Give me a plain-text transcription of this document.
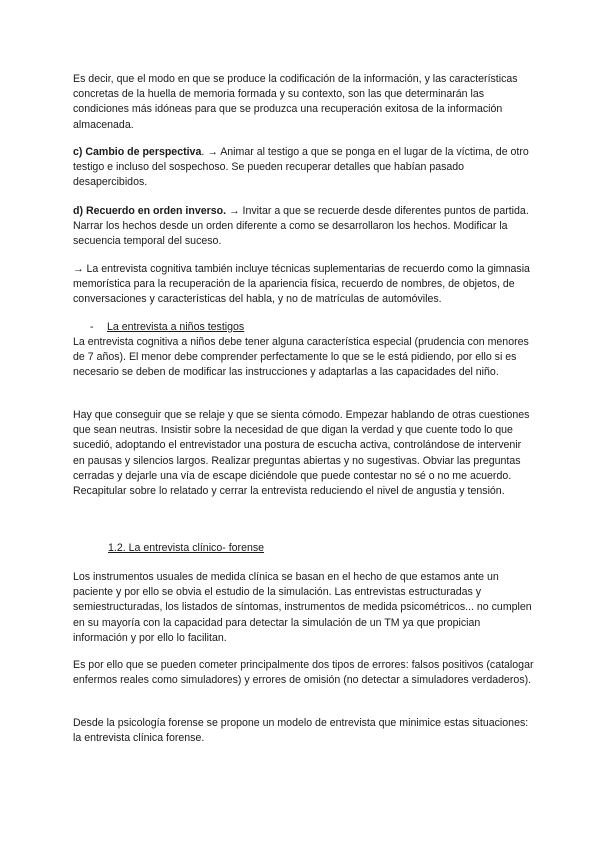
Es decir, que el modo en que se produce la codificación de la información, y las características concretas de la huella de memoria formada y su contexto, son las que determinarán las condiciones más idóneas para que se produzca una recuperación exitosa de la información almacenada.

c) Cambio de perspectiva. → Animar al testigo a que se ponga en el lugar de la víctima, de otro testigo e incluso del sospechoso. Se pueden recuperar detalles que habían pasado desapercibidos.

d) Recuerdo en orden inverso. → Invitar a que se recuerde desde diferentes puntos de partida. Narrar los hechos desde un orden diferente a como se desarrollaron los hechos. Modificar la secuencia temporal del suceso.

→ La entrevista cognitiva también incluye técnicas suplementarias de recuerdo como la gimnasia memorística para la recuperación de la apariencia física, recuerdo de nombres, de objetos, de conversaciones y características del habla, y no de matrículas de automóviles.

- La entrevista a niños testigos

La entrevista cognitiva a niños debe tener alguna característica especial (prudencia con menores de 7 años). El menor debe comprender perfectamente lo que se le está pidiendo, por ello si es necesario se deben de modificar las instrucciones y adaptarlas a las capacidades del niño.

Hay que conseguir que se relaje y que se sienta cómodo. Empezar hablando de otras cuestiones que sean neutras. Insistir sobre la necesidad de que digan la verdad y que cuente todo lo que sucedió, adoptando el entrevistador una postura de escucha activa, controlándose de intervenir en pausas y silencios largos. Realizar preguntas abiertas y no sugestivas. Obviar las preguntas cerradas y dejarle una vía de escape diciéndole que puede contestar no sé o no me acuerdo. Recapitular sobre lo relatado y cerrar la entrevista reduciendo el nivel de angustia y tensión.

1.2. La entrevista clínico- forense

Los instrumentos usuales de medida clínica se basan en el hecho de que estamos ante un paciente y por ello se obvia el estudio de la simulación. Las entrevistas estructuradas y semiestructuradas, los listados de síntomas, instrumentos de medida psicométricos... no cumplen en su mayoría con la capacidad para detectar la simulación de un TM ya que propician información y por ello lo facilitan.

Es por ello que se pueden cometer principalmente dos tipos de errores: falsos positivos (catalogar enfermos reales como simuladores) y errores de omisión (no detectar a simuladores verdaderos).

Desde la psicología forense se propone un modelo de entrevista que minimice estas situaciones: la entrevista clínica forense.
